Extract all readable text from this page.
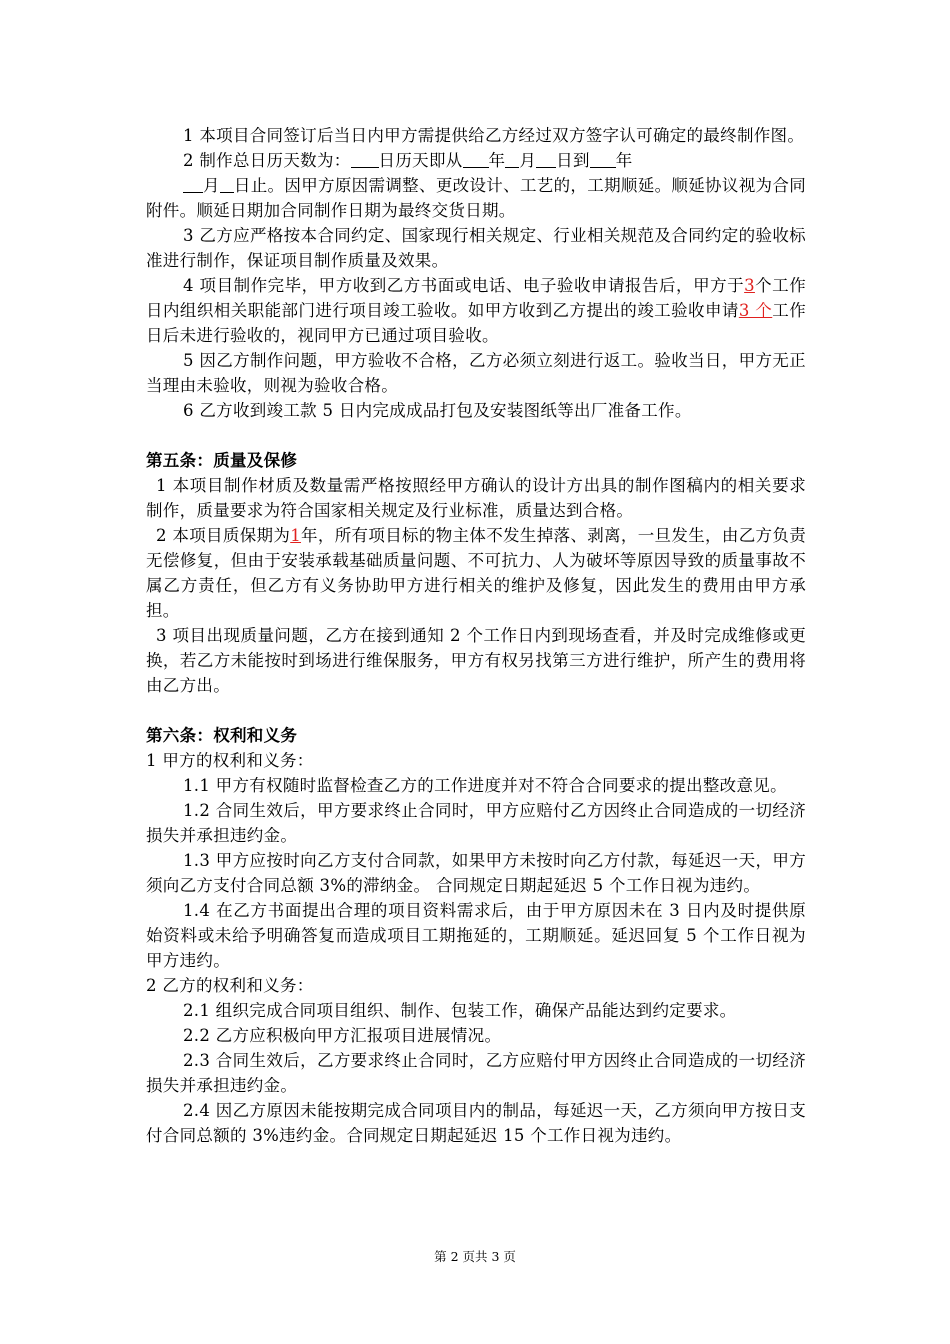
1 本项目合同签订后当日内甲方需提供给乙方经过双方签字认可确定的最终制作图。

2 制作总日历天数为： 日历天即从 年 月 日到 年
月 日止。因甲方原因需调整、更改设计、工艺的，工期顺延。顺延协议视为合同附件。顺延日期加合同制作日期为最终交货日期。

3 乙方应严格按本合同约定、国家现行相关规定、行业相关规范及合同约定的验收标准进行制作，保证项目制作质量及效果。

4 项目制作完毕，甲方收到乙方书面或电话、电子验收申请报告后，甲方于3个工作日内组织相关职能部门进行项目竣工验收。如甲方收到乙方提出的竣工验收申请3 个工作日后未进行验收的，视同甲方已通过项目验收。

5 因乙方制作问题，甲方验收不合格，乙方必须立刻进行返工。验收当日，甲方无正当理由未验收，则视为验收合格。

6 乙方收到竣工款 5 日内完成成品打包及安装图纸等出厂准备工作。

第五条：质量及保修

1 本项目制作材质及数量需严格按照经甲方确认的设计方出具的制作图稿内的相关要求制作，质量要求为符合国家相关规定及行业标准，质量达到合格。

2 本项目质保期为1年，所有项目标的物主体不发生掉落、剥离，一旦发生，由乙方负责无偿修复，但由于安装承载基础质量问题、不可抗力、人为破坏等原因导致的质量事故不属乙方责任，但乙方有义务协助甲方进行相关的维护及修复，因此发生的费用由甲方承担。

3 项目出现质量问题，乙方在接到通知 2 个工作日内到现场查看，并及时完成维修或更换，若乙方未能按时到场进行维保服务，甲方有权另找第三方进行维护，所产生的费用将由乙方出。

第六条：权利和义务

1 甲方的权利和义务：

1.1 甲方有权随时监督检查乙方的工作进度并对不符合合同要求的提出整改意见。

1.2 合同生效后，甲方要求终止合同时，甲方应赔付乙方因终止合同造成的一切经济损失并承担违约金。

1.3 甲方应按时向乙方支付合同款，如果甲方未按时向乙方付款，每延迟一天，甲方须向乙方支付合同总额 3%的滞纳金。 合同规定日期起延迟 5 个工作日视为违约。

1.4 在乙方书面提出合理的项目资料需求后，由于甲方原因未在 3 日内及时提供原始资料或未给予明确答复而造成项目工期拖延的，工期顺延。延迟回复 5 个工作日视为甲方违约。

2 乙方的权利和义务：

2.1 组织完成合同项目组织、制作、包装工作，确保产品能达到约定要求。

2.2 乙方应积极向甲方汇报项目进展情况。

2.3 合同生效后，乙方要求终止合同时，乙方应赔付甲方因终止合同造成的一切经济损失并承担违约金。

2.4 因乙方原因未能按期完成合同项目内的制品，每延迟一天，乙方须向甲方按日支付合同总额的 3%违约金。合同规定日期起延迟 15 个工作日视为违约。

第 2 页共 3 页
